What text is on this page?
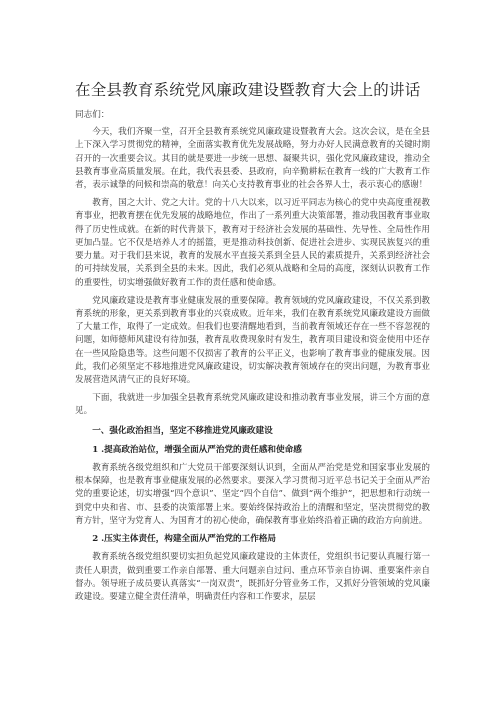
在全县教育系统党风廉政建设暨教育大会上的讲话

同志们：

今天，我们齐聚一堂，召开全县教育系统党风廉政建设暨教育大会。这次会议，是在全县上下深入学习贯彻党的精神，全面落实教育优先发展战略，努力办好人民满意教育的关键时期召开的一次重要会议。其目的就是要进一步统一思想、凝聚共识，强化党风廉政建设，推动全县教育事业高质量发展。在此，我代表县委、县政府，向辛勤耕耘在教育一线的广大教育工作者，表示诚挚的问候和崇高的敬意！向关心支持教育事业的社会各界人士，表示衷心的感谢！

教育，国之大计、党之大计。党的十八大以来，以习近平同志为核心的党中央高度重视教育事业，把教育摆在优先发展的战略地位，作出了一系列重大决策部署，推动我国教育事业取得了历史性成就。在新的时代背景下，教育对于经济社会发展的基础性、先导性、全局性作用更加凸显。它不仅是培养人才的摇篮，更是推动科技创新、促进社会进步、实现民族复兴的重要力量。对于我们县来说，教育的发展水平直接关系到全县人民的素质提升，关系到经济社会的可持续发展，关系到全县的未来。因此，我们必须从战略和全局的高度，深刻认识教育工作的重要性，切实增强做好教育工作的责任感和使命感。

党风廉政建设是教育事业健康发展的重要保障。教育领域的党风廉政建设，不仅关系到教育系统的形象，更关系到教育事业的兴衰成败。近年来，我们在教育系统党风廉政建设方面做了大量工作，取得了一定成效。但我们也要清醒地看到，当前教育领域还存在一些不容忽视的问题，如师德师风建设有待加强，教育乱收费现象时有发生，教育项目建设和资金使用中还存在一些风险隐患等。这些问题不仅损害了教育的公平正义，也影响了教育事业的健康发展。因此，我们必须坚定不移地推进党风廉政建设，切实解决教育领域存在的突出问题，为教育事业发展营造风清气正的良好环境。

下面，我就进一步加强全县教育系统党风廉政建设和推动教育事业发展，讲三个方面的意见。

一、强化政治担当，坚定不移推进党风廉政建设

1 .提高政治站位，增强全面从严治党的责任感和使命感

教育系统各级党组织和广大党员干部要深刻认识到，全面从严治党是党和国家事业发展的根本保障，也是教育事业健康发展的必然要求。要深入学习贯彻习近平总书记关于全面从严治党的重要论述，切实增强“四个意识”、坚定“四个自信”、做到“两个维护”，把思想和行动统一到党中央和省、市、县委的决策部署上来。要始终保持政治上的清醒和坚定，坚决贯彻党的教育方针，坚守为党育人、为国育才的初心使命，确保教育事业始终沿着正确的政治方向前进。

2 .压实主体责任，构建全面从严治党的工作格局

教育系统各级党组织要切实担负起党风廉政建设的主体责任，党组织书记要认真履行第一责任人职责，做到重要工作亲自部署、重大问题亲自过问、重点环节亲自协调、重要案件亲自督办。领导班子成员要认真落实“一岗双责”，既抓好分管业务工作，又抓好分管领域的党风廉政建设。要建立健全责任清单，明确责任内容和工作要求，层层
